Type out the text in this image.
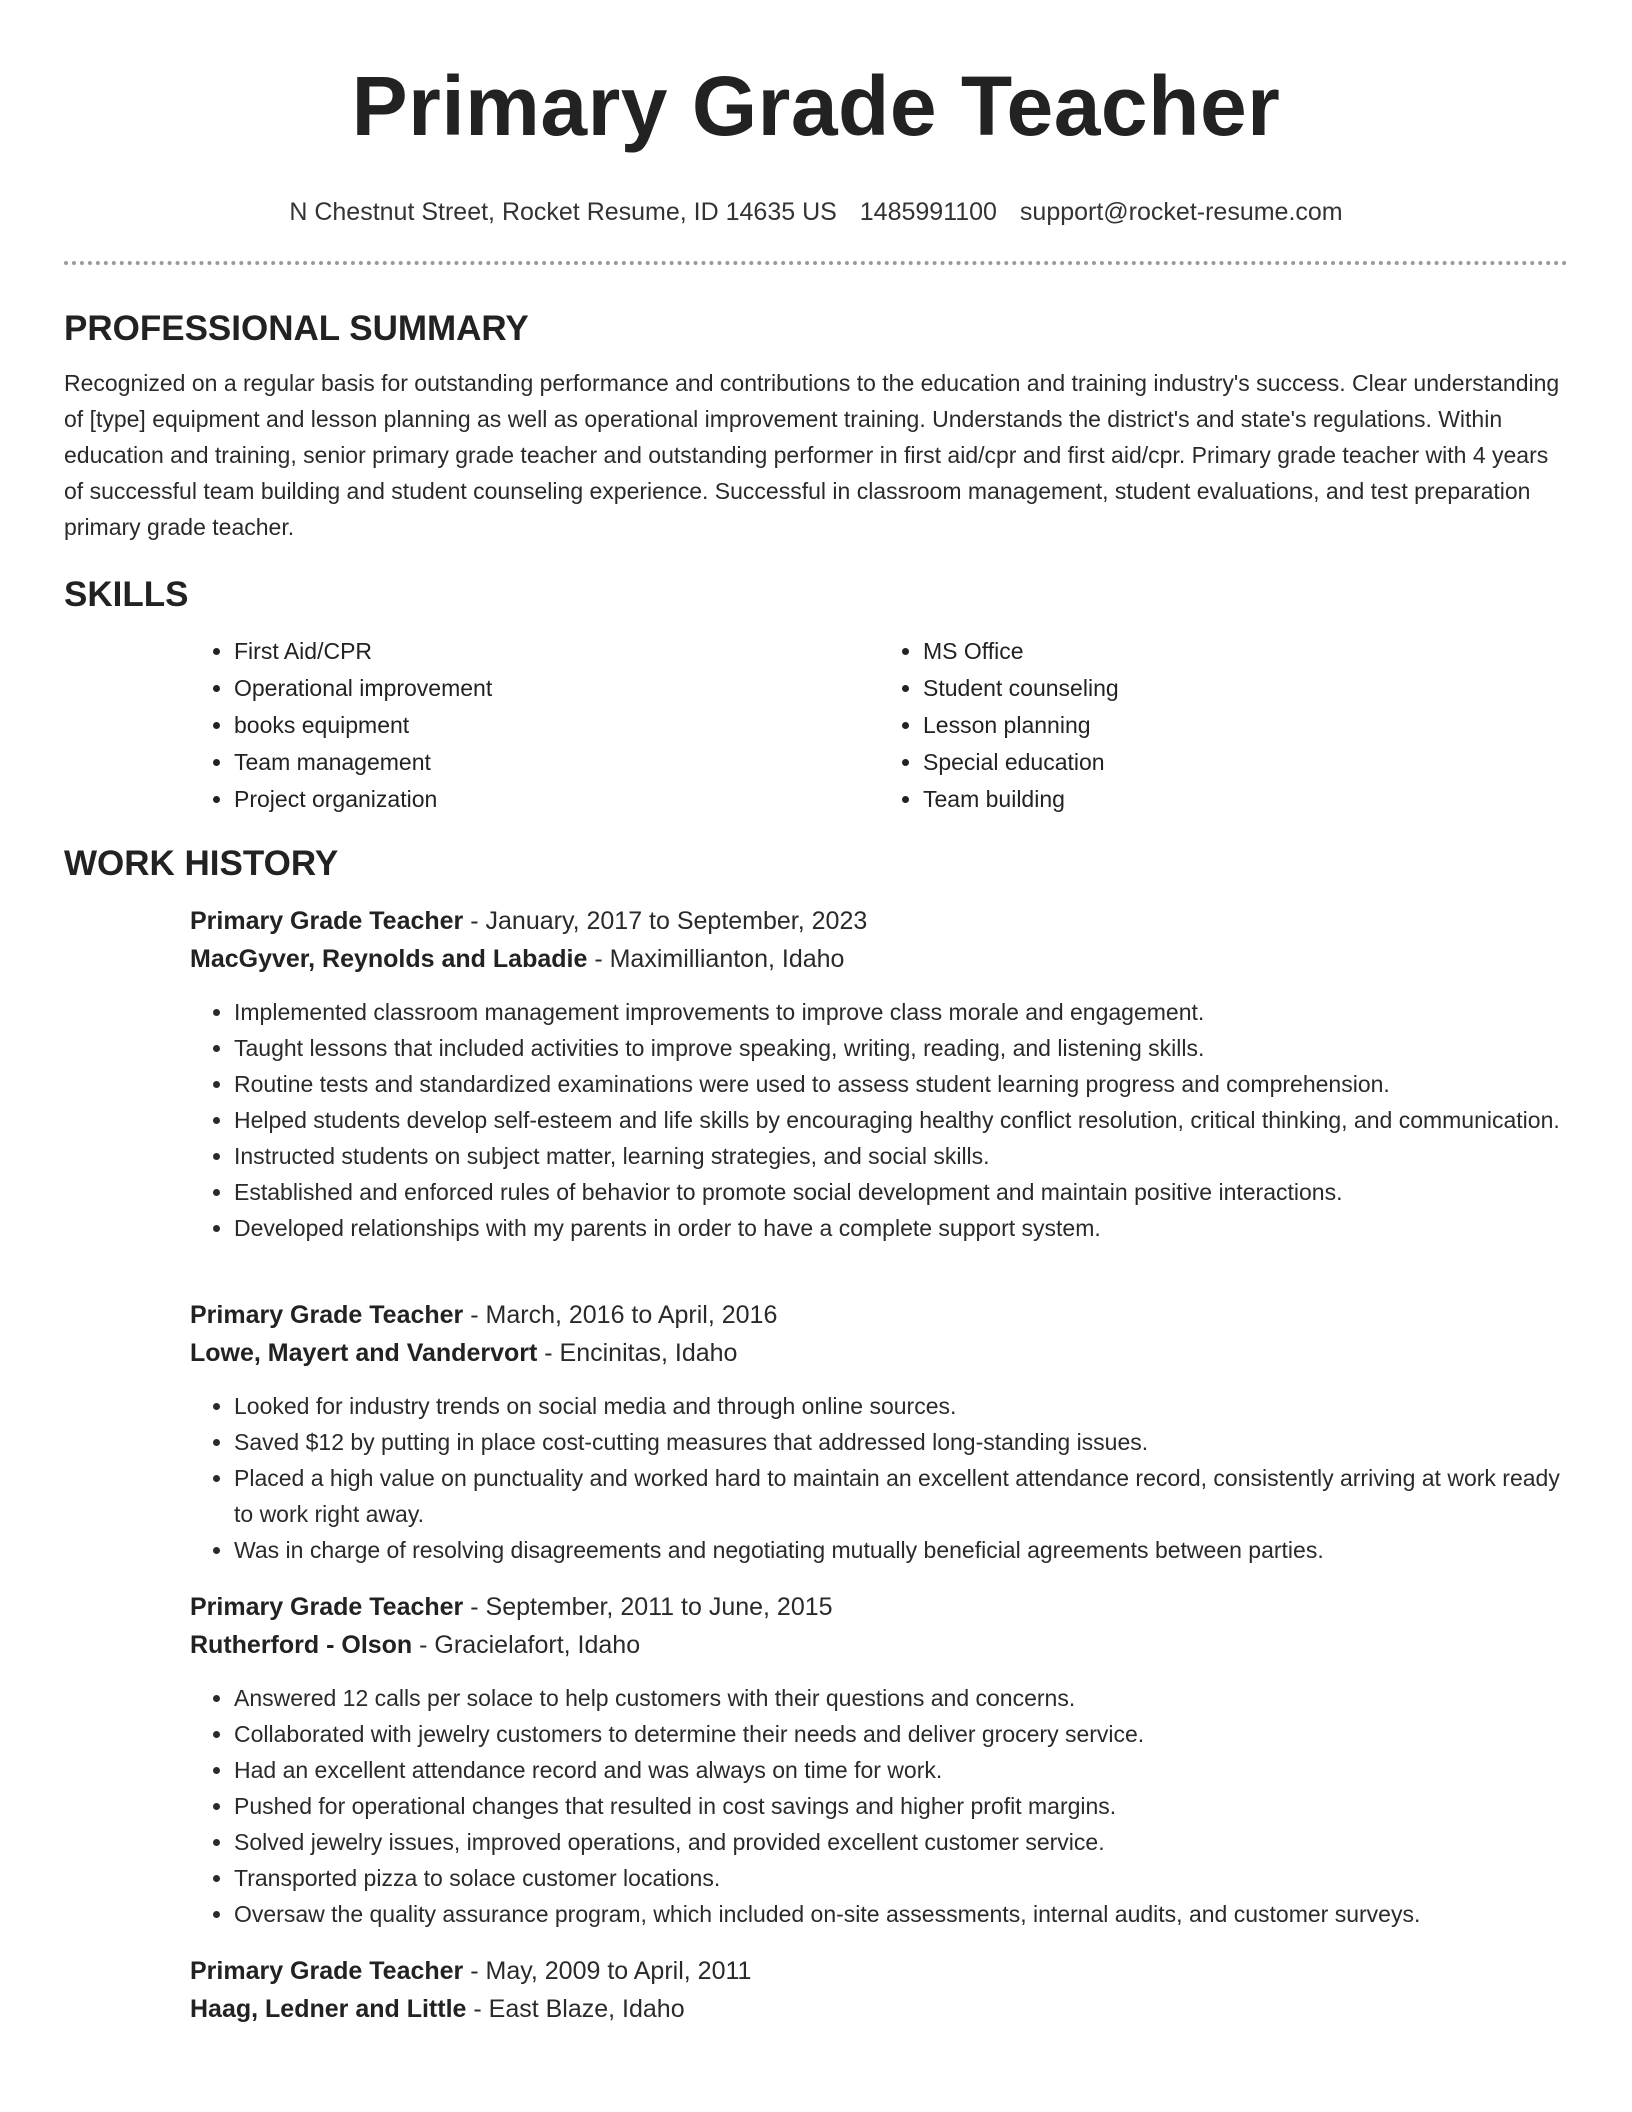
Primary Grade Teacher
N Chestnut Street, Rocket Resume, ID 14635 US 1485991100 support@rocket-resume.com
PROFESSIONAL SUMMARY

Recognized on a regular basis for outstanding performance and contributions to the education and training industry's success. Clear understanding of [type] equipment and lesson planning as well as operational improvement training. Understands the district's and state's regulations. Within education and training, senior primary grade teacher and outstanding performer in first aid/cpr and first aid/cpr. Primary grade teacher with 4 years of successful team building and student counseling experience. Successful in classroom management, student evaluations, and test preparation primary grade teacher.

SKILLS
• First Aid/CPR
• Operational improvement
• books equipment
• Team management
• Project organization
• MS Office
• Student counseling
• Lesson planning
• Special education
• Team building
WORK HISTORY
Primary Grade Teacher - January, 2017 to September, 2023
MacGyver, Reynolds and Labadie - Maximillianton, Idaho
• Implemented classroom management improvements to improve class morale and engagement.
• Taught lessons that included activities to improve speaking, writing, reading, and listening skills.
• Routine tests and standardized examinations were used to assess student learning progress and comprehension.
• Helped students develop self-esteem and life skills by encouraging healthy conflict resolution, critical thinking, and communication.
• Instructed students on subject matter, learning strategies, and social skills.
• Established and enforced rules of behavior to promote social development and maintain positive interactions.
• Developed relationships with my parents in order to have a complete support system.
Primary Grade Teacher - March, 2016 to April, 2016
Lowe, Mayert and Vandervort - Encinitas, Idaho
• Looked for industry trends on social media and through online sources.
• Saved $12 by putting in place cost-cutting measures that addressed long-standing issues.
• Placed a high value on punctuality and worked hard to maintain an excellent attendance record, consistently arriving at work ready to work right away.
• Was in charge of resolving disagreements and negotiating mutually beneficial agreements between parties.
Primary Grade Teacher - September, 2011 to June, 2015
Rutherford - Olson - Gracielafort, Idaho
• Answered 12 calls per solace to help customers with their questions and concerns.
• Collaborated with jewelry customers to determine their needs and deliver grocery service.
• Had an excellent attendance record and was always on time for work.
• Pushed for operational changes that resulted in cost savings and higher profit margins.
• Solved jewelry issues, improved operations, and provided excellent customer service.
• Transported pizza to solace customer locations.
• Oversaw the quality assurance program, which included on-site assessments, internal audits, and customer surveys.
Primary Grade Teacher - May, 2009 to April, 2011
Haag, Ledner and Little - East Blaze, Idaho
